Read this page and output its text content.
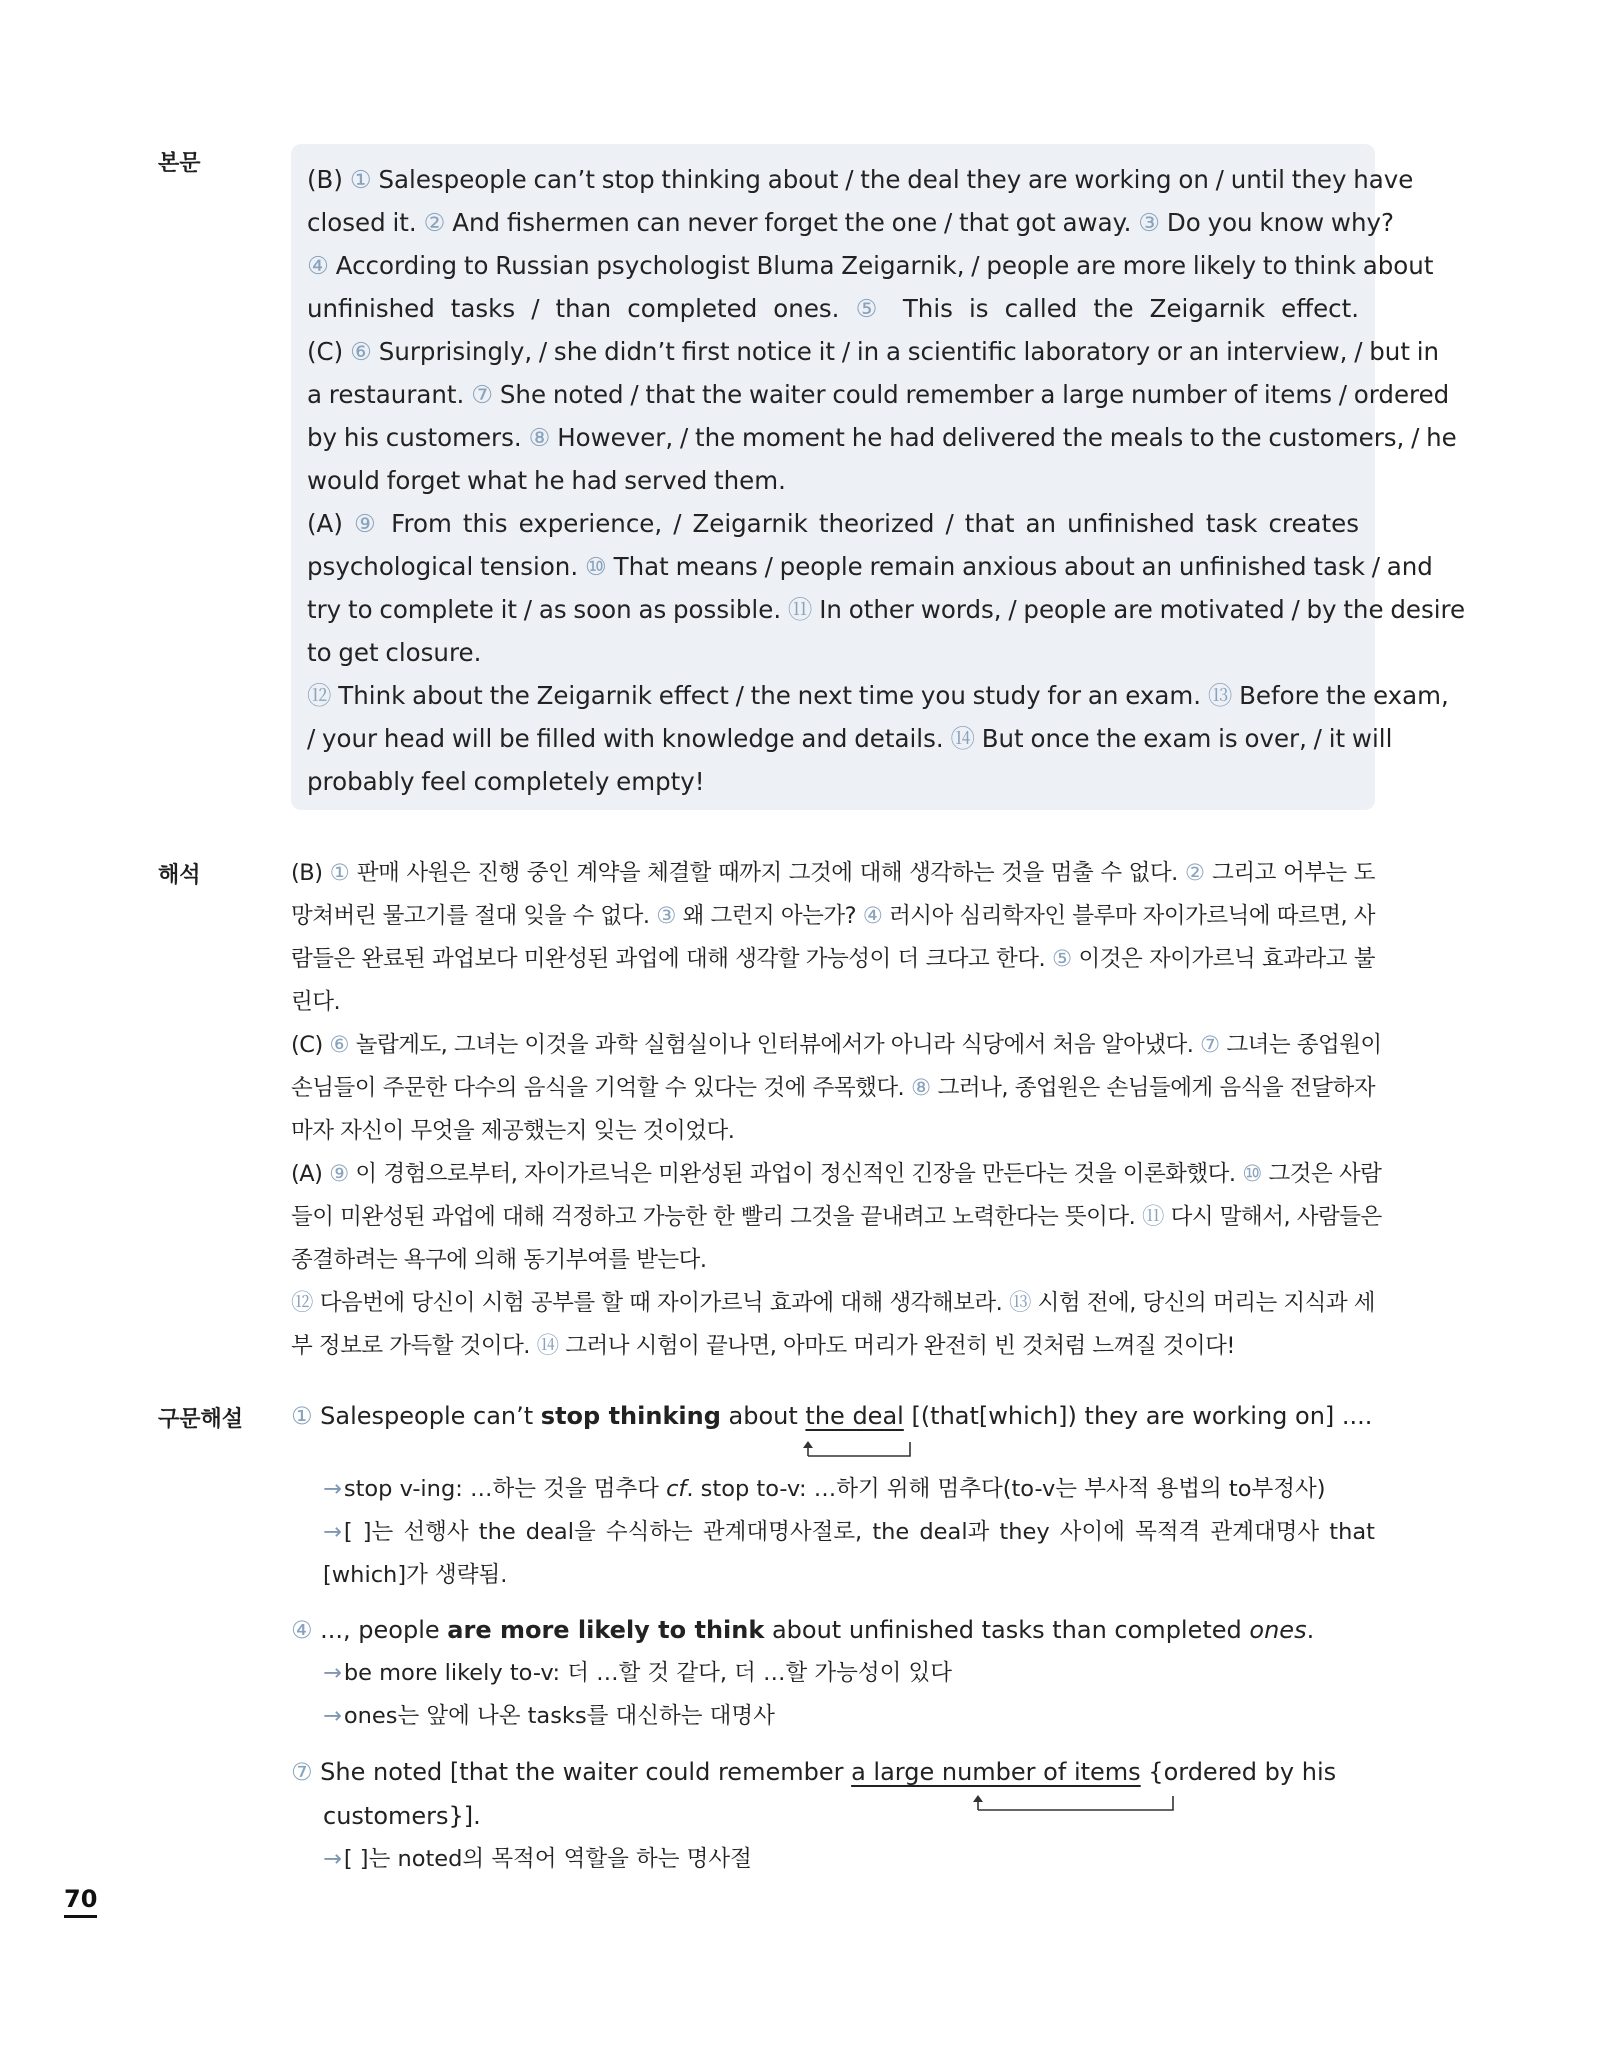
본문
해석
구문해설
(B) ① Salespeople can’t stop thinking about / the deal they are working on / until they have
closed it. ② And fishermen can never forget the one / that got away. ③ Do you know why?
④ According to Russian psychologist Bluma Zeigarnik, / people are more likely to think about
unfinished tasks / than completed ones. ⑤ This is called the Zeigarnik effect.
(C) ⑥ Surprisingly, / she didn’t first notice it / in a scientific laboratory or an interview, / but in
a restaurant. ⑦ She noted / that the waiter could remember a large number of items / ordered
by his customers. ⑧ However, / the moment he had delivered the meals to the customers, / he
would forget what he had served them.
(A) ⑨ From this experience, / Zeigarnik theorized / that an unfinished task creates
psychological tension. ⑩ That means / people remain anxious about an unfinished task / and
try to complete it / as soon as possible. ⑪ In other words, / people are motivated / by the desire
to get closure.
⑫ Think about the Zeigarnik effect / the next time you study for an exam. ⑬ Before the exam,
/ your head will be filled with knowledge and details. ⑭ But once the exam is over, / it will
probably feel completely empty!
(B) ① 판매 사원은 진행 중인 계약을 체결할 때까지 그것에 대해 생각하는 것을 멈출 수 없다. ② 그리고 어부는 도
망쳐버린 물고기를 절대 잊을 수 없다. ③ 왜 그런지 아는가? ④ 러시아 심리학자인 블루마 자이가르닉에 따르면, 사
람들은 완료된 과업보다 미완성된 과업에 대해 생각할 가능성이 더 크다고 한다. ⑤ 이것은 자이가르닉 효과라고 불
린다.
(C) ⑥ 놀랍게도, 그녀는 이것을 과학 실험실이나 인터뷰에서가 아니라 식당에서 처음 알아냈다. ⑦ 그녀는 종업원이
손님들이 주문한 다수의 음식을 기억할 수 있다는 것에 주목했다. ⑧ 그러나, 종업원은 손님들에게 음식을 전달하자
마자 자신이 무엇을 제공했는지 잊는 것이었다.
(A) ⑨ 이 경험으로부터, 자이가르닉은 미완성된 과업이 정신적인 긴장을 만든다는 것을 이론화했다. ⑩ 그것은 사람
들이 미완성된 과업에 대해 걱정하고 가능한 한 빨리 그것을 끝내려고 노력한다는 뜻이다. ⑪ 다시 말해서, 사람들은
종결하려는 욕구에 의해 동기부여를 받는다.
⑫ 다음번에 당신이 시험 공부를 할 때 자이가르닉 효과에 대해 생각해보라. ⑬ 시험 전에, 당신의 머리는 지식과 세
부 정보로 가득할 것이다. ⑭ 그러나 시험이 끝나면, 아마도 머리가 완전히 빈 것처럼 느껴질 것이다!
① Salespeople can’t stop thinking about the deal [(that[which]) they are working on] ....
→stop v-ing: …하는 것을 멈추다 cf. stop to-v: …하기 위해 멈추다(to-v는 부사적 용법의 to부정사)
→[ ]는 선행사 the deal을 수식하는 관계대명사절로, the deal과 they 사이에 목적격 관계대명사 that
[which]가 생략됨.
④ ..., people are more likely to think about unfinished tasks than completed ones.
→be more likely to-v: 더 …할 것 같다, 더 …할 가능성이 있다
→ones는 앞에 나온 tasks를 대신하는 대명사
⑦ She noted [that the waiter could remember a large number of items {ordered by his
customers}].
→[ ]는 noted의 목적어 역할을 하는 명사절
70
